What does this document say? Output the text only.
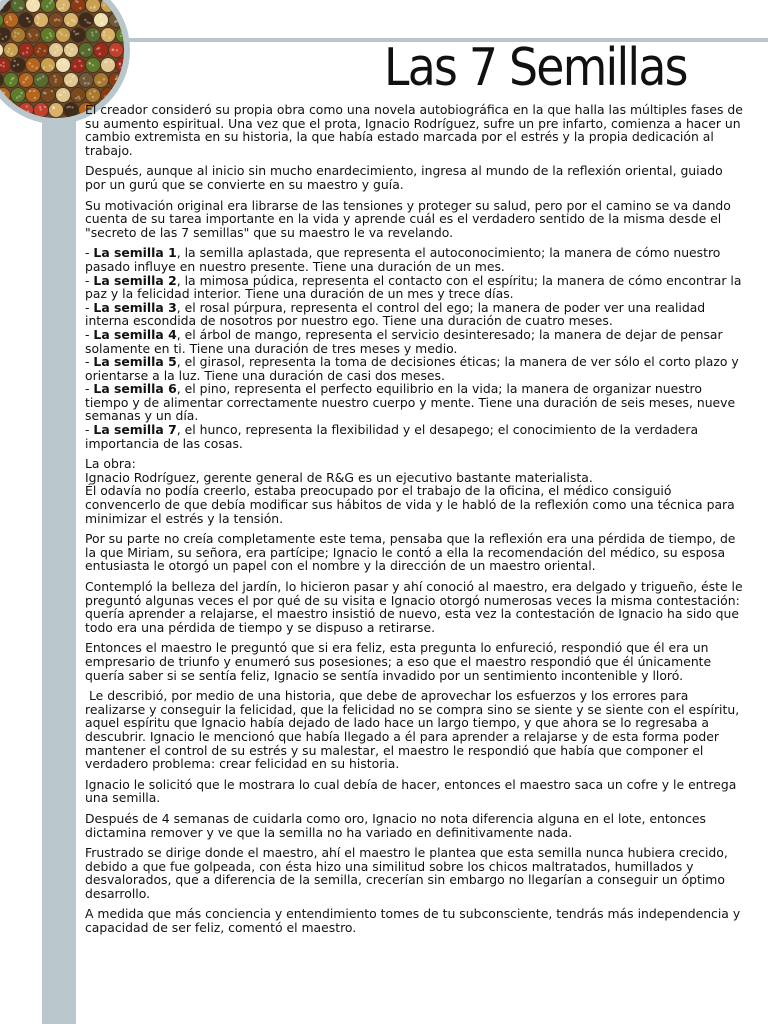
Las 7 Semillas

El creador consideró su propia obra como una novela autobiográfica en la que halla las múltiples fases de su aumento espiritual. Una vez que el prota, Ignacio Rodríguez, sufre un pre infarto, comienza a hacer un cambio extremista en su historia, la que había estado marcada por el estrés y la propia dedicación al trabajo.

Después, aunque al inicio sin mucho enardecimiento, ingresa al mundo de la reflexión oriental, guiado por un gurú que se convierte en su maestro y guía.

Su motivación original era librarse de las tensiones y proteger su salud, pero por el camino se va dando cuenta de su tarea importante en la vida y aprende cuál es el verdadero sentido de la misma desde el "secreto de las 7 semillas" que su maestro le va revelando.

- La semilla 1, la semilla aplastada, que representa el autoconocimiento; la manera de cómo nuestro pasado influye en nuestro presente. Tiene una duración de un mes.
- La semilla 2, la mimosa púdica, representa el contacto con el espíritu; la manera de cómo encontrar la paz y la felicidad interior. Tiene una duración de un mes y trece días.
- La semilla 3, el rosal púrpura, representa el control del ego; la manera de poder ver una realidad interna escondida de nosotros por nuestro ego. Tiene una duración de cuatro meses.
- La semilla 4, el árbol de mango, representa el servicio desinteresado; la manera de dejar de pensar solamente en ti. Tiene una duración de tres meses y medio.
- La semilla 5, el girasol, representa la toma de decisiones éticas; la manera de ver sólo el corto plazo y orientarse a la luz. Tiene una duración de casi dos meses.
- La semilla 6, el pino, representa el perfecto equilibrio en la vida; la manera de organizar nuestro tiempo y de alimentar correctamente nuestro cuerpo y mente. Tiene una duración de seis meses, nueve semanas y un día.
- La semilla 7, el hunco, representa la flexibilidad y el desapego; el conocimiento de la verdadera importancia de las cosas.
La obra:
Ignacio Rodríguez, gerente general de R&G es un ejecutivo bastante materialista.
Él odavía no podía creerlo, estaba preocupado por el trabajo de la oficina, el médico consiguió convencerlo de que debía modificar sus hábitos de vida y le habló de la reflexión como una técnica para minimizar el estrés y la tensión.

Por su parte no creía completamente este tema, pensaba que la reflexión era una pérdida de tiempo, de la que Miriam, su señora, era partícipe; Ignacio le contó a ella la recomendación del médico, su esposa entusiasta le otorgó un papel con el nombre y la dirección de un maestro oriental.

Contempló la belleza del jardín, lo hicieron pasar y ahí conoció al maestro, era delgado y trigueño, éste le preguntó algunas veces el por qué de su visita e Ignacio otorgó numerosas veces la misma contestación: quería aprender a relajarse, el maestro insistió de nuevo, esta vez la contestación de Ignacio ha sido que todo era una pérdida de tiempo y se dispuso a retirarse.

Entonces el maestro le preguntó que si era feliz, esta pregunta lo enfureció, respondió que él era un empresario de triunfo y enumeró sus posesiones; a eso que el maestro respondió que él únicamente quería saber si se sentía feliz, Ignacio se sentía invadido por un sentimiento incontenible y lloró.

Le describió, por medio de una historia, que debe de aprovechar los esfuerzos y los errores para realizarse y conseguir la felicidad, que la felicidad no se compra sino se siente y se siente con el espíritu, aquel espíritu que Ignacio había dejado de lado hace un largo tiempo, y que ahora se lo regresaba a descubrir. Ignacio le mencionó que había llegado a él para aprender a relajarse y de esta forma poder mantener el control de su estrés y su malestar, el maestro le respondió que había que componer el verdadero problema: crear felicidad en su historia.

Ignacio le solicitó que le mostrara lo cual debía de hacer, entonces el maestro saca un cofre y le entrega una semilla.

Después de 4 semanas de cuidarla como oro, Ignacio no nota diferencia alguna en el lote, entonces dictamina remover y ve que la semilla no ha variado en definitivamente nada.

Frustrado se dirige donde el maestro, ahí el maestro le plantea que esta semilla nunca hubiera crecido, debido a que fue golpeada, con ésta hizo una similitud sobre los chicos maltratados, humillados y desvalorados, que a diferencia de la semilla, crecerían sin embargo no llegarían a conseguir un óptimo desarrollo.

A medida que más conciencia y entendimiento tomes de tu subconsciente, tendrás más independencia y capacidad de ser feliz, comentó el maestro.
